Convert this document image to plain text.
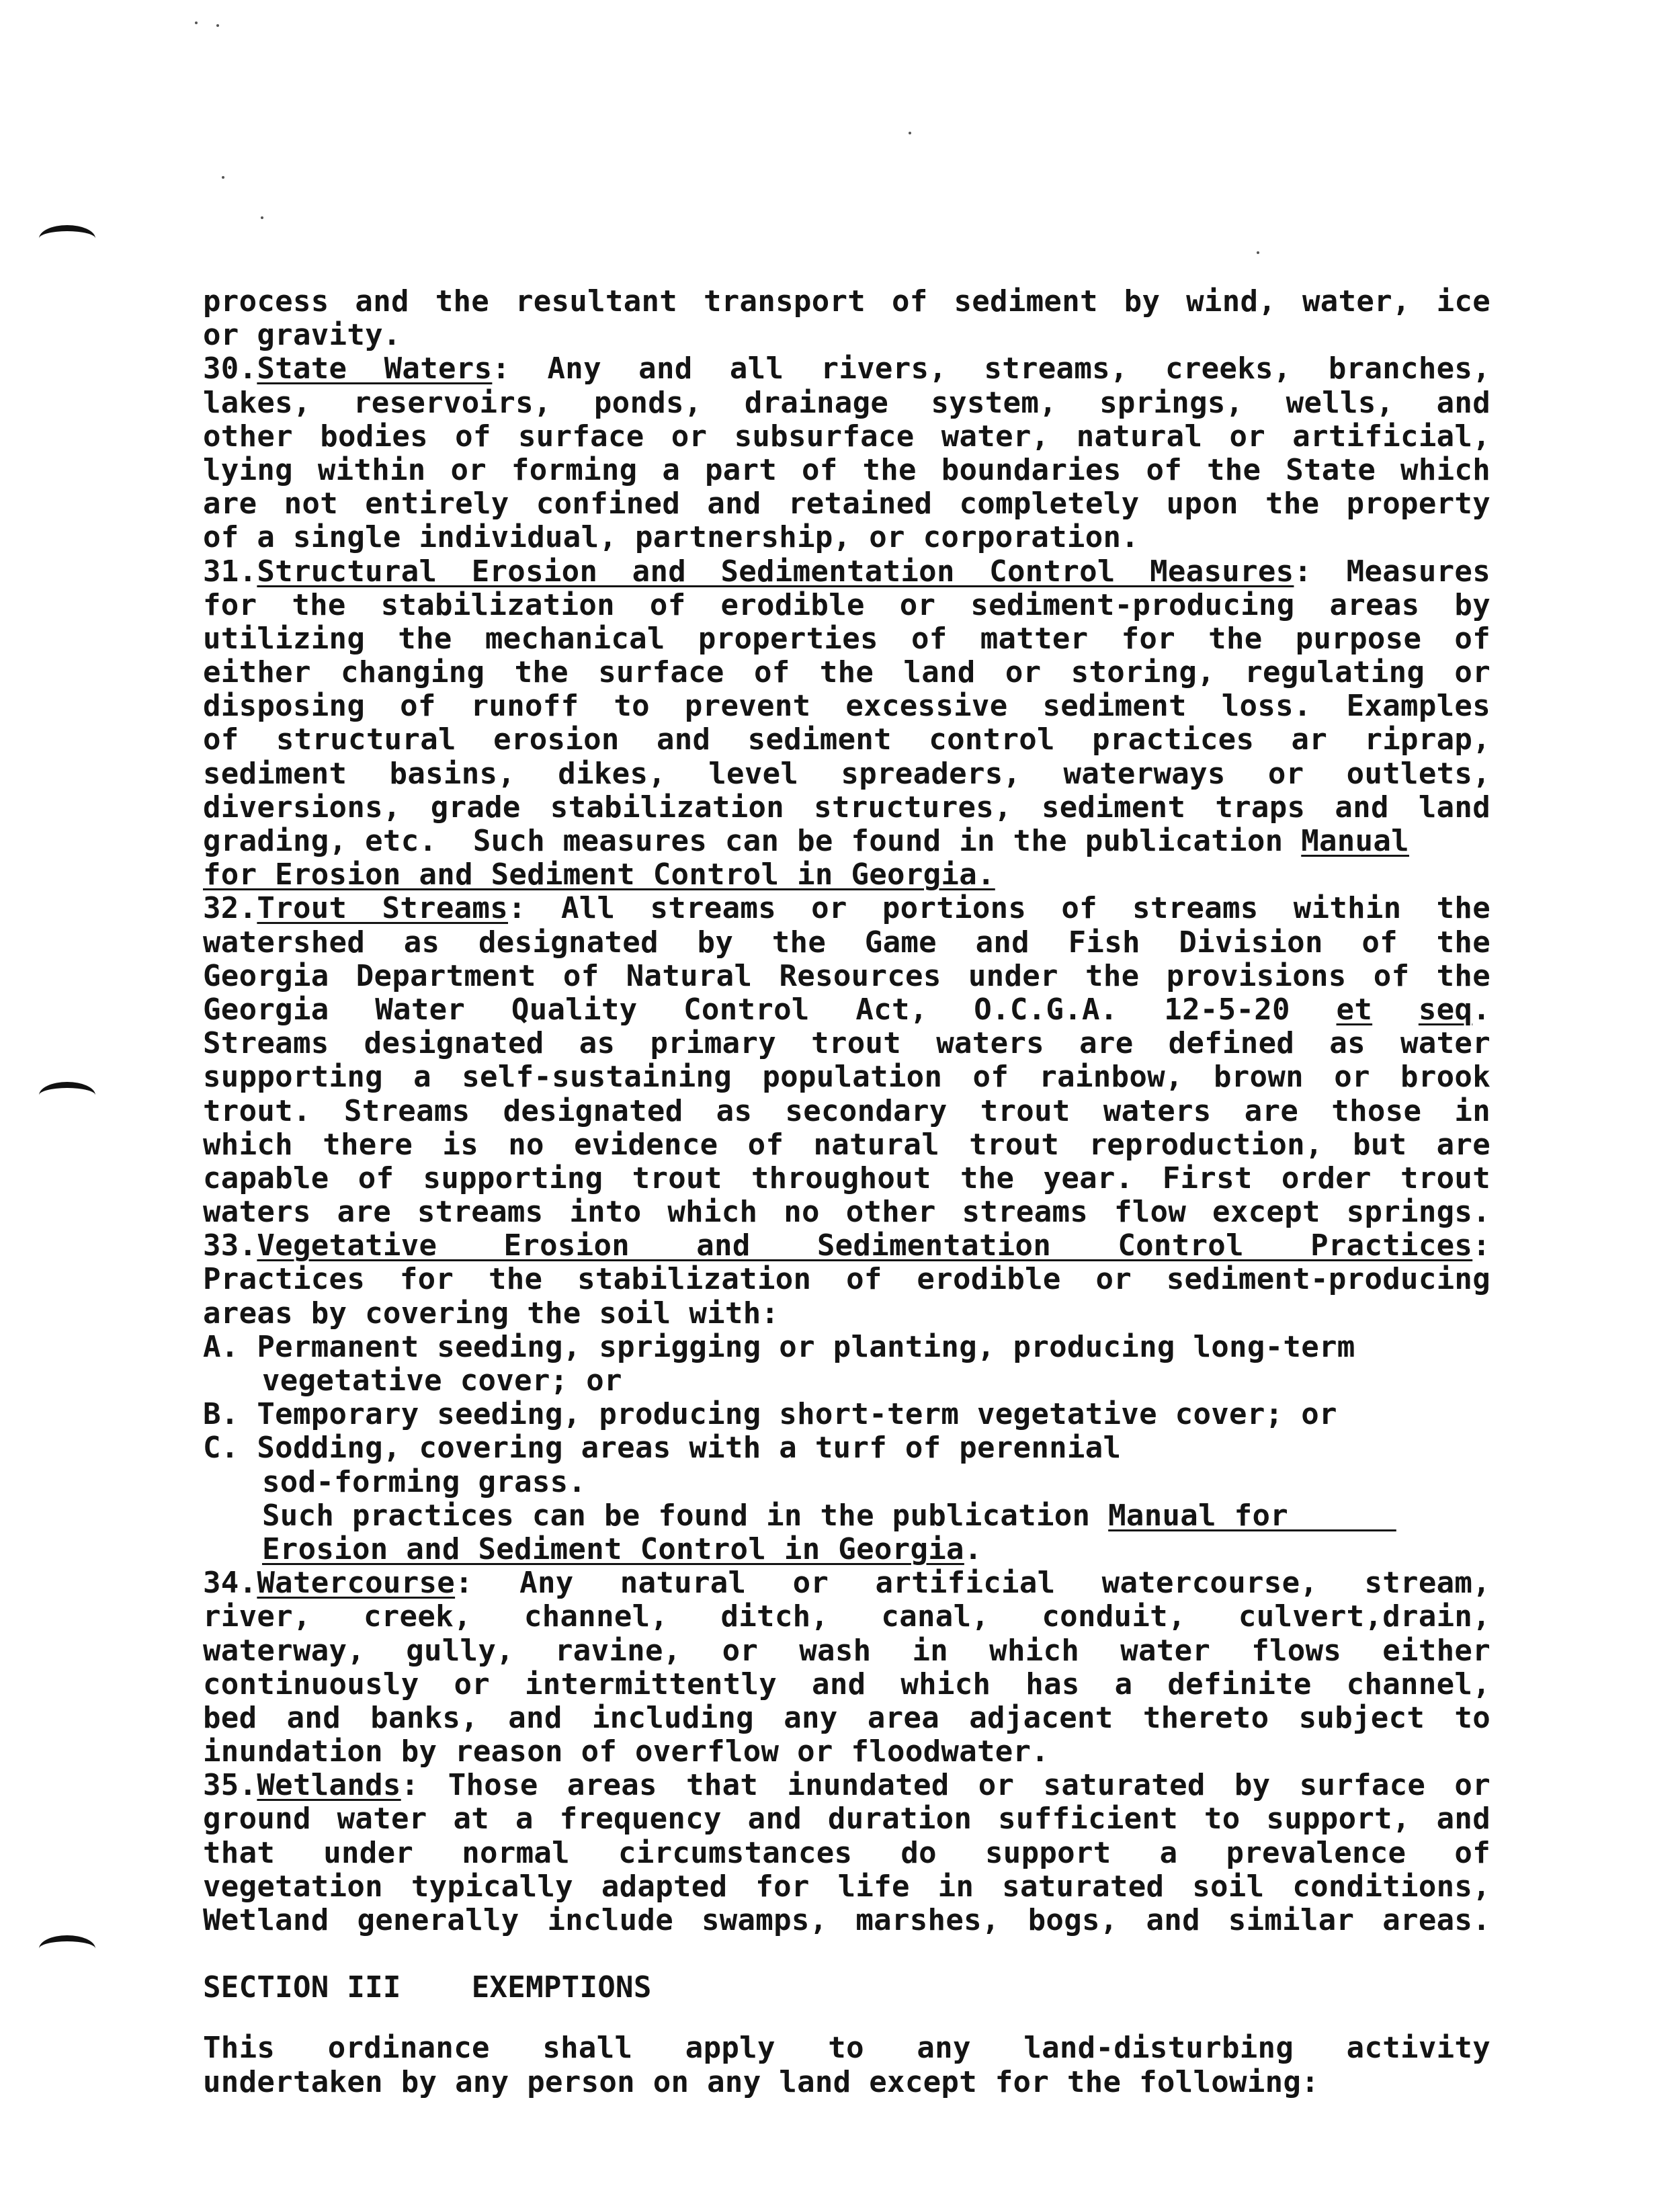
process and the resultant transport of sediment by wind, water, ice
or gravity.
30.State Waters: Any and all rivers, streams, creeks, branches,
lakes, reservoirs, ponds, drainage system, springs, wells, and
other bodies of surface or subsurface water, natural or artificial,
lying within or forming a part of the boundaries of the State which
are not entirely confined and retained completely upon the property
of a single individual, partnership, or corporation.
31.Structural Erosion and Sedimentation Control Measures: Measures
for the stabilization of erodible or sediment-producing areas by
utilizing the mechanical properties of matter for the purpose of
either changing the surface of the land or storing, regulating or
disposing of runoff to prevent excessive sediment loss. Examples
of structural erosion and sediment control practices ar riprap,
sediment basins, dikes, level spreaders, waterways or outlets,
diversions, grade stabilization structures, sediment traps and land
grading, etc.  Such measures can be found in the publication Manual
for Erosion and Sediment Control in Georgia.
32.Trout Streams: All streams or portions of streams within the
watershed as designated by the Game and Fish Division of the
Georgia Department of Natural Resources under the provisions of the
Georgia Water Quality Control Act, O.C.G.A. 12-5-20 et seq.
Streams designated as primary trout waters are defined as water
supporting a self-sustaining population of rainbow, brown or brook
trout. Streams designated as secondary trout waters are those in
which there is no evidence of natural trout reproduction, but are
capable of supporting trout throughout the year. First order trout
waters are streams into which no other streams flow except springs.
33.Vegetative Erosion and Sedimentation Control Practices:
Practices for the stabilization of erodible or sediment-producing
areas by covering the soil with:
A. Permanent seeding, sprigging or planting, producing long-term
vegetative cover; or
B. Temporary seeding, producing short-term vegetative cover; or
C. Sodding, covering areas with a turf of perennial
sod-forming grass.
Such practices can be found in the publication Manual for
Erosion and Sediment Control in Georgia.
34.Watercourse: Any natural or artificial watercourse, stream,
river, creek, channel, ditch, canal, conduit, culvert,drain,
waterway, gully, ravine, or wash in which water flows either
continuously or intermittently and which has a definite channel,
bed and banks, and including any area adjacent thereto subject to
inundation by reason of overflow or floodwater.
35.Wetlands: Those areas that inundated or saturated by surface or
ground water at a frequency and duration sufficient to support, and
that under normal circumstances do support a prevalence of
vegetation typically adapted for life in saturated soil conditions,
Wetland generally include swamps, marshes, bogs, and similar areas.
SECTION III EXEMPTIONS
This ordinance shall apply to any land-disturbing activity
undertaken by any person on any land except for the following:
